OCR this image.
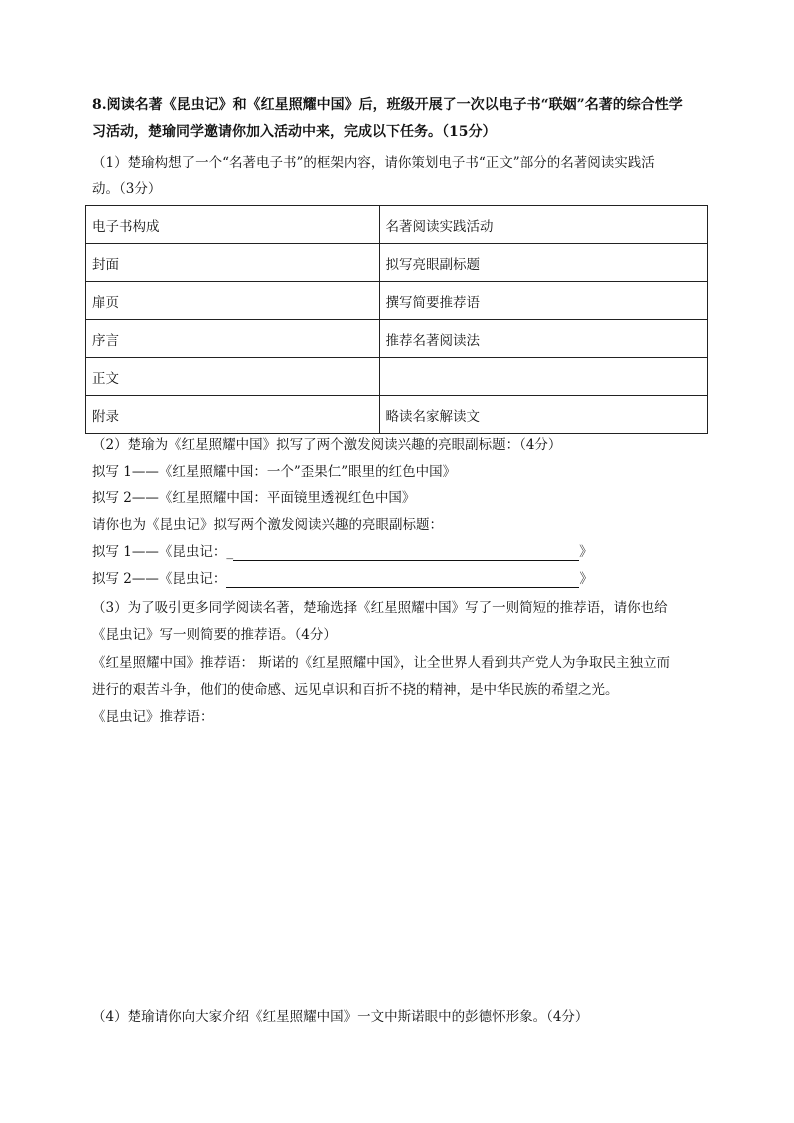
8.阅读名著《昆虫记》和《红星照耀中国》后，班级开展了一次以电子书“联姻”名著的综合性学
习活动，楚瑜同学邀请你加入活动中来，完成以下任务。（15分）
（1）楚瑜构想了一个“名著电子书”的框架内容，请你策划电子书“正文”部分的名著阅读实践活
动。（3分）
电子书构成	名著阅读实践活动
封面	拟写亮眼副标题
扉页	撰写简要推荐语
序言	推荐名著阅读法
正文	
附录	略读名家解读文
（2）楚瑜为《红星照耀中国》拟写了两个激发阅读兴趣的亮眼副标题：（4分）
拟写 1——《红星照耀中国：一个”歪果仁”眼里的红色中国》
拟写 2——《红星照耀中国：平面镜里透视红色中国》
请你也为《昆虫记》拟写两个激发阅读兴趣的亮眼副标题：
拟写 1——《昆虫记：_	》
拟写 2——《昆虫记：	》
（3）为了吸引更多同学阅读名著，楚瑜选择《红星照耀中国》写了一则简短的推荐语，请你也给
《昆虫记》写一则简要的推荐语。（4分）
《红星照耀中国》推荐语： 斯诺的《红星照耀中国》，让全世界人看到共产党人为争取民主独立而
进行的艰苦斗争，他们的使命感、远见卓识和百折不挠的精神，是中华民族的希望之光。
《昆虫记》推荐语：
（4）楚瑜请你向大家介绍《红星照耀中国》一文中斯诺眼中的彭德怀形象。（4分）
